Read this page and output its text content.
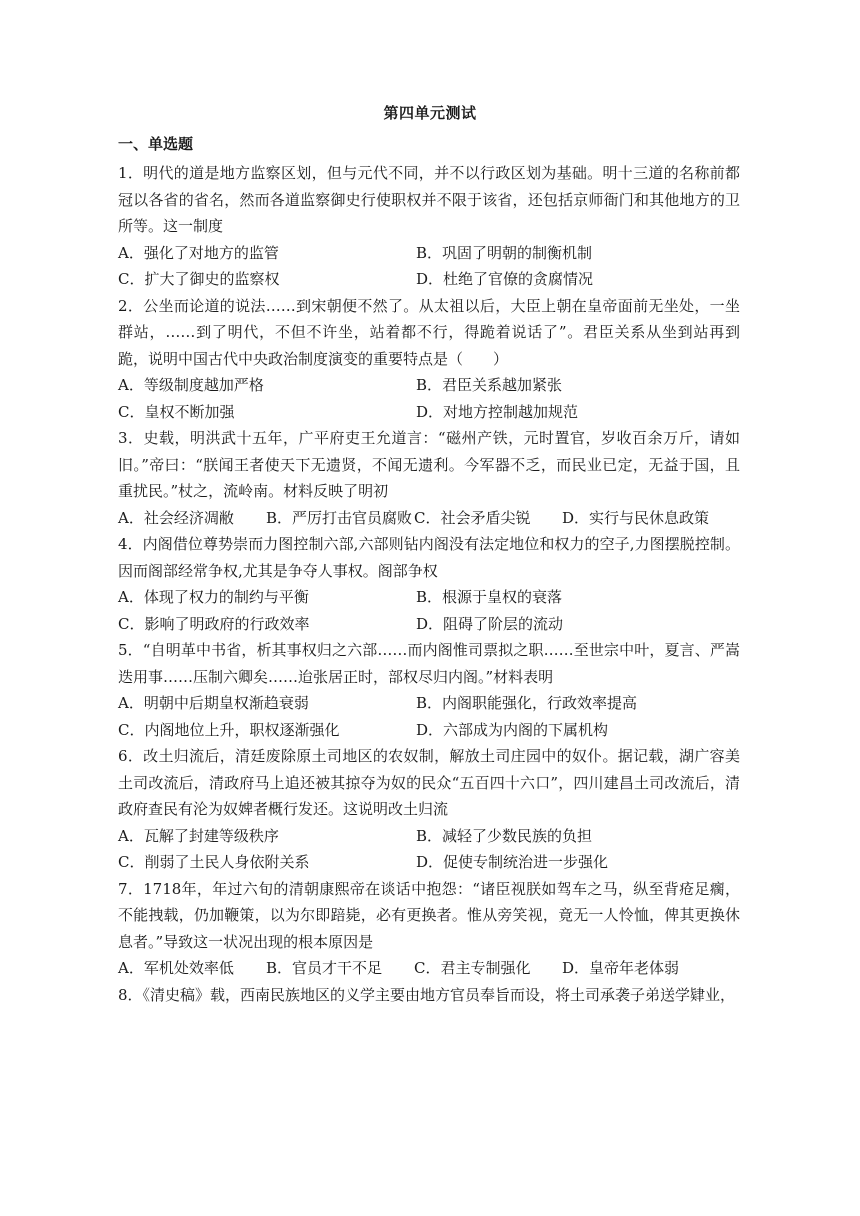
第四单元测试
一、单选题
1．明代的道是地方监察区划，但与元代不同，并不以行政区划为基础。明十三道的名称前都冠以各省的省名，然而各道监察御史行使职权并不限于该省，还包括京师衙门和其他地方的卫所等。这一制度
A．强化了对地方的监管	B．巩固了明朝的制衡机制
C．扩大了御史的监察权	D．杜绝了官僚的贪腐情况
2．公坐而论道的说法……到宋朝便不然了。从太祖以后，大臣上朝在皇帝面前无坐处，一坐群站，……到了明代，不但不许坐，站着都不行，得跪着说话了”。君臣关系从坐到站再到跪，说明中国古代中央政治制度演变的重要特点是（　　）
A．等级制度越加严格	B．君臣关系越加紧张
C．皇权不断加强	D．对地方控制越加规范
3．史载，明洪武十五年，广平府吏王允道言：“磁州产铁，元时置官，岁收百余万斤，请如旧。”帝曰：“朕闻王者使天下无遗贤，不闻无遗利。今军器不乏，而民业已定，无益于国，且重扰民。”杖之，流岭南。材料反映了明初
A．社会经济凋敝	B．严厉打击官员腐败 C．社会矛盾尖锐	D．实行与民休息政策
4．内阁借位尊势崇而力图控制六部,六部则钻内阁没有法定地位和权力的空子,力图摆脱控制。因而阁部经常争权,尤其是争夺人事权。阁部争权
A．体现了权力的制约与平衡	B．根源于皇权的衰落
C．影响了明政府的行政效率	D．阻碍了阶层的流动
5．“自明革中书省，析其事权归之六部……而内阁惟司票拟之职……至世宗中叶，夏言、严嵩迭用事……压制六卿矣……迨张居正时，部权尽归内阁。”材料表明
A．明朝中后期皇权渐趋衰弱	B．内阁职能强化，行政效率提高
C．内阁地位上升，职权逐渐强化	D．六部成为内阁的下属机构
6．改土归流后，清廷废除原土司地区的农奴制，解放土司庄园中的奴仆。据记载，湖广容美土司改流后，清政府马上追还被其掠夺为奴的民众“五百四十六口”，四川建昌土司改流后，清政府查民有沦为奴婢者概行发还。这说明改土归流
A．瓦解了封建等级秩序	B．减轻了少数民族的负担
C．削弱了土民人身依附关系	D．促使专制统治进一步强化
7．1718年，年过六旬的清朝康熙帝在谈话中抱怨：“诸臣视朕如驾车之马，纵至背疮足瘸，不能拽载，仍加鞭策，以为尔即踣毙，必有更换者。惟从旁笑视，竟无一人怜恤，俾其更换休息者。”导致这一状况出现的根本原因是
A．军机处效率低	B．官员才干不足	C．君主专制强化	D．皇帝年老体弱
8．《清史稿》载，西南民族地区的义学主要由地方官员奉旨而设，将土司承袭子弟送学肄业，
